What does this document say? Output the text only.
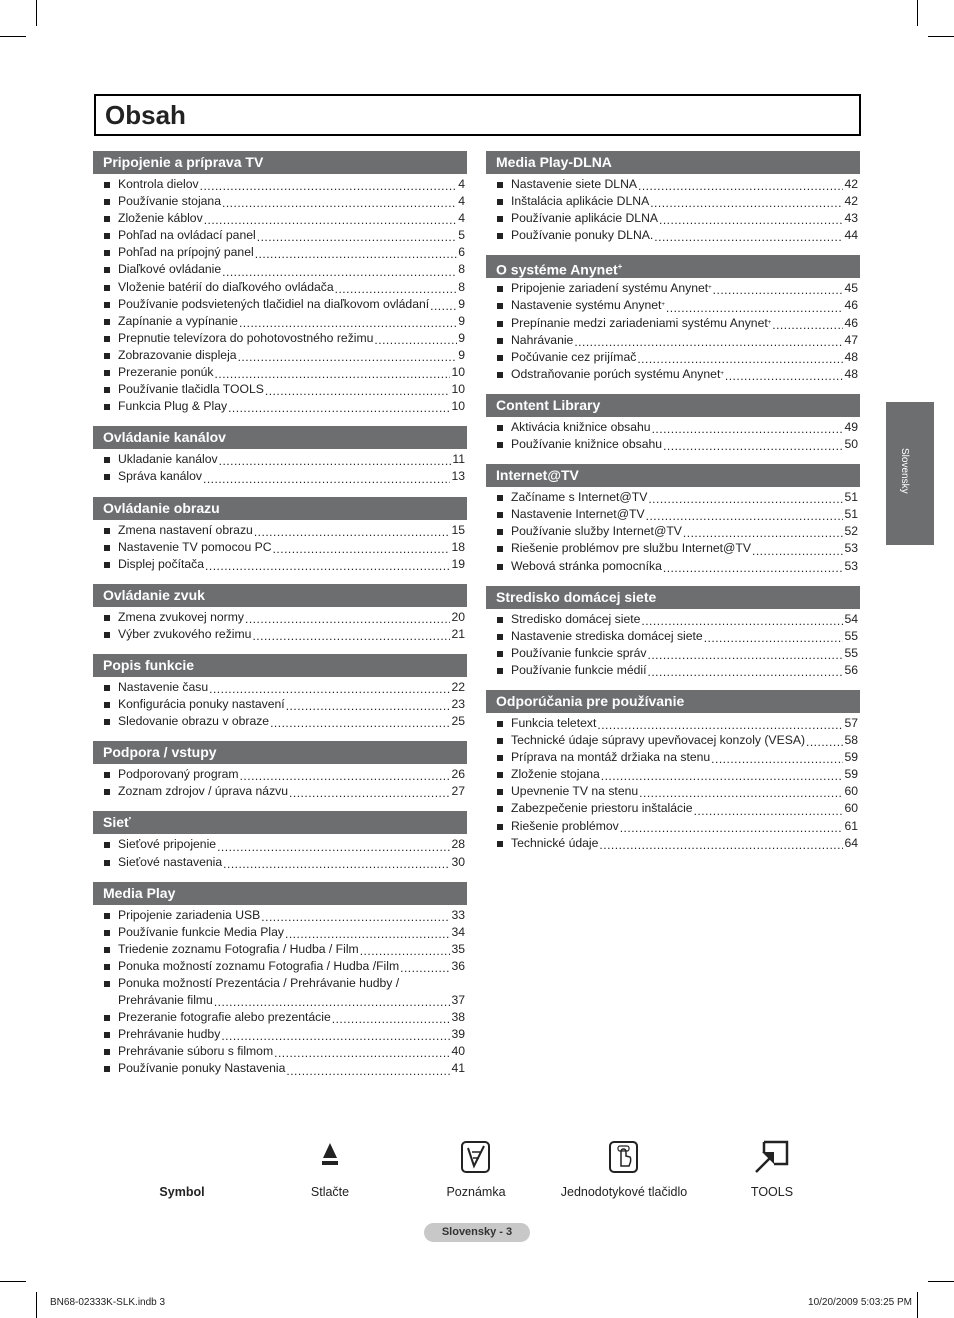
Obsah
Pripojenie a príprava TV
Kontrola dielov .....	4
Používanie stojana .....	4
Zloženie káblov .....	4
Pohľad na ovládací panel .....	5
Pohľad na prípojný panel .....	6
Diaľkové ovládanie .....	8
Vloženie batérií do diaľkového ovládača .....	8
Používanie podsvietených tlačidiel na diaľkovom ovládaní ..... 9
Zapínanie a vypínanie .....	9
Prepnutie televízora do pohotovostného režimu .....	9
Zobrazovanie displeja .....	9
Prezeranie ponúk .....	10
Používanie tlačidla TOOLS .....	10
Funkcia Plug & Play .....	10
Ovládanie kanálov
Ukladanie kanálov .....	11
Správa kanálov .....	13
Ovládanie obrazu
Zmena nastavení obrazu .....	15
Nastavenie TV pomocou PC .....	18
Displej počítača .....	19
Ovládanie zvuk
Zmena zvukovej normy .....	20
Výber zvukového režimu .....	21
Popis funkcie
Nastavenie času .....	22
Konfigurácia ponuky nastavení .....	23
Sledovanie obrazu v obraze .....	25
Podpora / vstupy
Podporovaný program .....	26
Zoznam zdrojov / úprava názvu .....	27
Sieť
Sieťové pripojenie .....	28
Sieťové nastavenia .....	30
Media Play
Pripojenie zariadenia USB .....	33
Používanie funkcie Media Play .....	34
Triedenie zoznamu Fotografia / Hudba / Film .....	35
Ponuka možností zoznamu Fotografia / Hudba /Film .....	36
Ponuka možností Prezentácia / Prehrávanie hudby /
Prehrávanie filmu .....	37
Prezeranie fotografie alebo prezentácie .....	38
Prehrávanie hudby .....	39
Prehrávanie súboru s filmom .....	40
Používanie ponuky Nastavenia .....	41
Media Play-DLNA
Nastavenie siete DLNA .....	42
Inštalácia aplikácie DLNA .....	42
Používanie aplikácie DLNA .....	43
Používanie ponuky DLNA. .....	44
O systéme Anynet+
Pripojenie zariadení systému Anynet+ .....	45
Nastavenie systému Anynet+ .....	46
Prepínanie medzi zariadeniami systému Anynet+ .....	46
Nahrávanie .....	47
Počúvanie cez prijímač .....	48
Odstraňovanie porúch systému Anynet+ .....	48
Content Library
Aktivácia knižnice obsahu .....	49
Používanie knižnice obsahu .....	50
Internet@TV
Začíname s Internet@TV .....	51
Nastavenie Internet@TV .....	51
Používanie služby Internet@TV .....	52
Riešenie problémov pre službu Internet@TV .....	53
Webová stránka pomocníka .....	53
Stredisko domácej siete
Stredisko domácej siete .....	54
Nastavenie strediska domácej siete .....	55
Používanie funkcie správ .....	55
Používanie funkcie médií .....	56
Odporúčania pre používanie
Funkcia teletext .....	57
Technické údaje súpravy upevňovacej konzoly (VESA) .....	58
Príprava na montáž držiaka na stenu .....	59
Zloženie stojana .....	59
Upevnenie TV na stenu .....	60
Zabezpečenie priestoru inštalácie .....	60
Riešenie problémov .....	61
Technické údaje .....	64
Slovensky
Symbol	Stlačte	Poznámka	Jednodotykové tlačidlo	TOOLS
Slovensky - 3
BN68-02333K-SLK.indb 3	10/20/2009 5:03:25 PM
